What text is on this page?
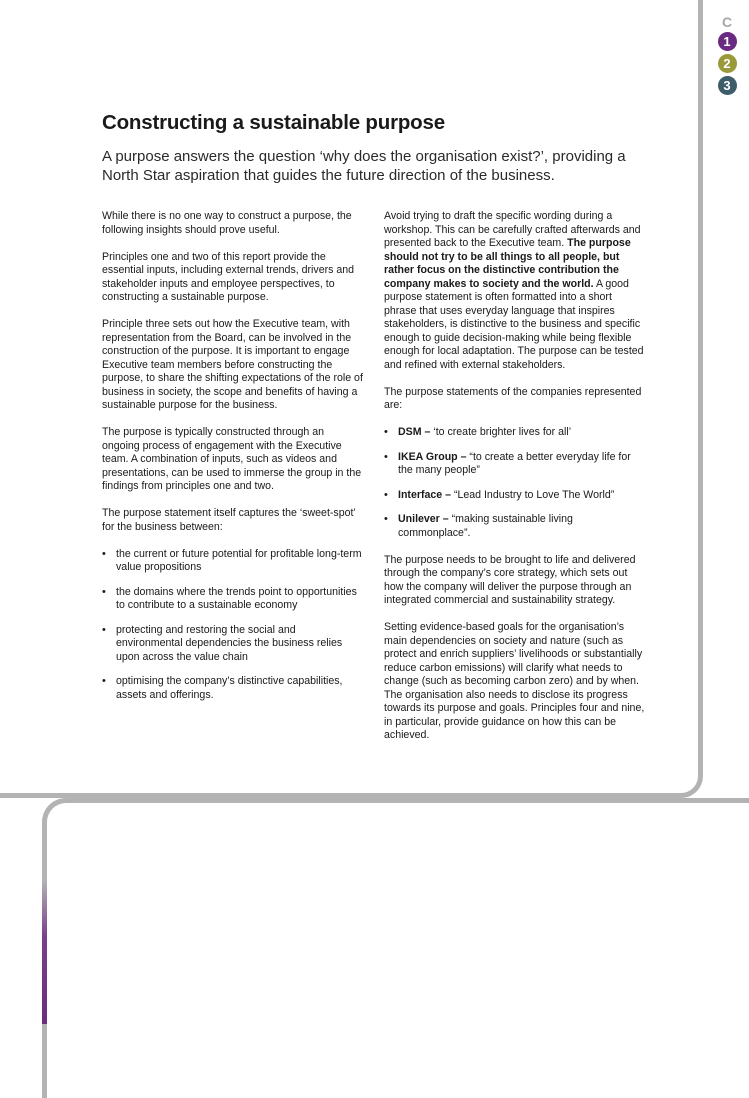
C
1
2
3
Constructing a sustainable purpose

A purpose answers the question ‘why does the organisation exist?’, providing a North Star aspiration that guides the future direction of the business.

While there is no one way to construct a purpose, the following insights should prove useful.

Principles one and two of this report provide the essential inputs, including external trends, drivers and stakeholder inputs and employee perspectives, to constructing a sustainable purpose.

Principle three sets out how the Executive team, with representation from the Board, can be involved in the construction of the purpose. It is important to engage Executive team members before constructing the purpose, to share the shifting expectations of the role of business in society, the scope and benefits of having a sustainable purpose for the business.

The purpose is typically constructed through an ongoing process of engagement with the Executive team. A combination of inputs, such as videos and presentations, can be used to immerse the group in the findings from principles one and two.

The purpose statement itself captures the ‘sweet-spot’ for the business between:

• the current or future potential for profitable long-term value propositions
• the domains where the trends point to opportunities to contribute to a sustainable economy
• protecting and restoring the social and environmental dependencies the business relies upon across the value chain
• optimising the company’s distinctive capabilities, assets and offerings.

Avoid trying to draft the specific wording during a workshop. This can be carefully crafted afterwards and presented back to the Executive team. The purpose should not try to be all things to all people, but rather focus on the distinctive contribution the company makes to society and the world. A good purpose statement is often formatted into a short phrase that uses everyday language that inspires stakeholders, is distinctive to the business and specific enough to guide decision-making while being flexible enough for local adaptation. The purpose can be tested and refined with external stakeholders.

The purpose statements of the companies represented are:

• DSM – ‘to create brighter lives for all’
• IKEA Group – “to create a better everyday life for the many people”
• Interface – “Lead Industry to Love The World”
• Unilever – “making sustainable living commonplace”.

The purpose needs to be brought to life and delivered through the company’s core strategy, which sets out how the company will deliver the purpose through an integrated commercial and sustainability strategy.

Setting evidence-based goals for the organisation’s main dependencies on society and nature (such as protect and enrich suppliers’ livelihoods or substantially reduce carbon emissions) will clarify what needs to change (such as becoming carbon zero) and by when. The organisation also needs to disclose its progress towards its purpose and goals. Principles four and nine, in particular, provide guidance on how this can be achieved.
